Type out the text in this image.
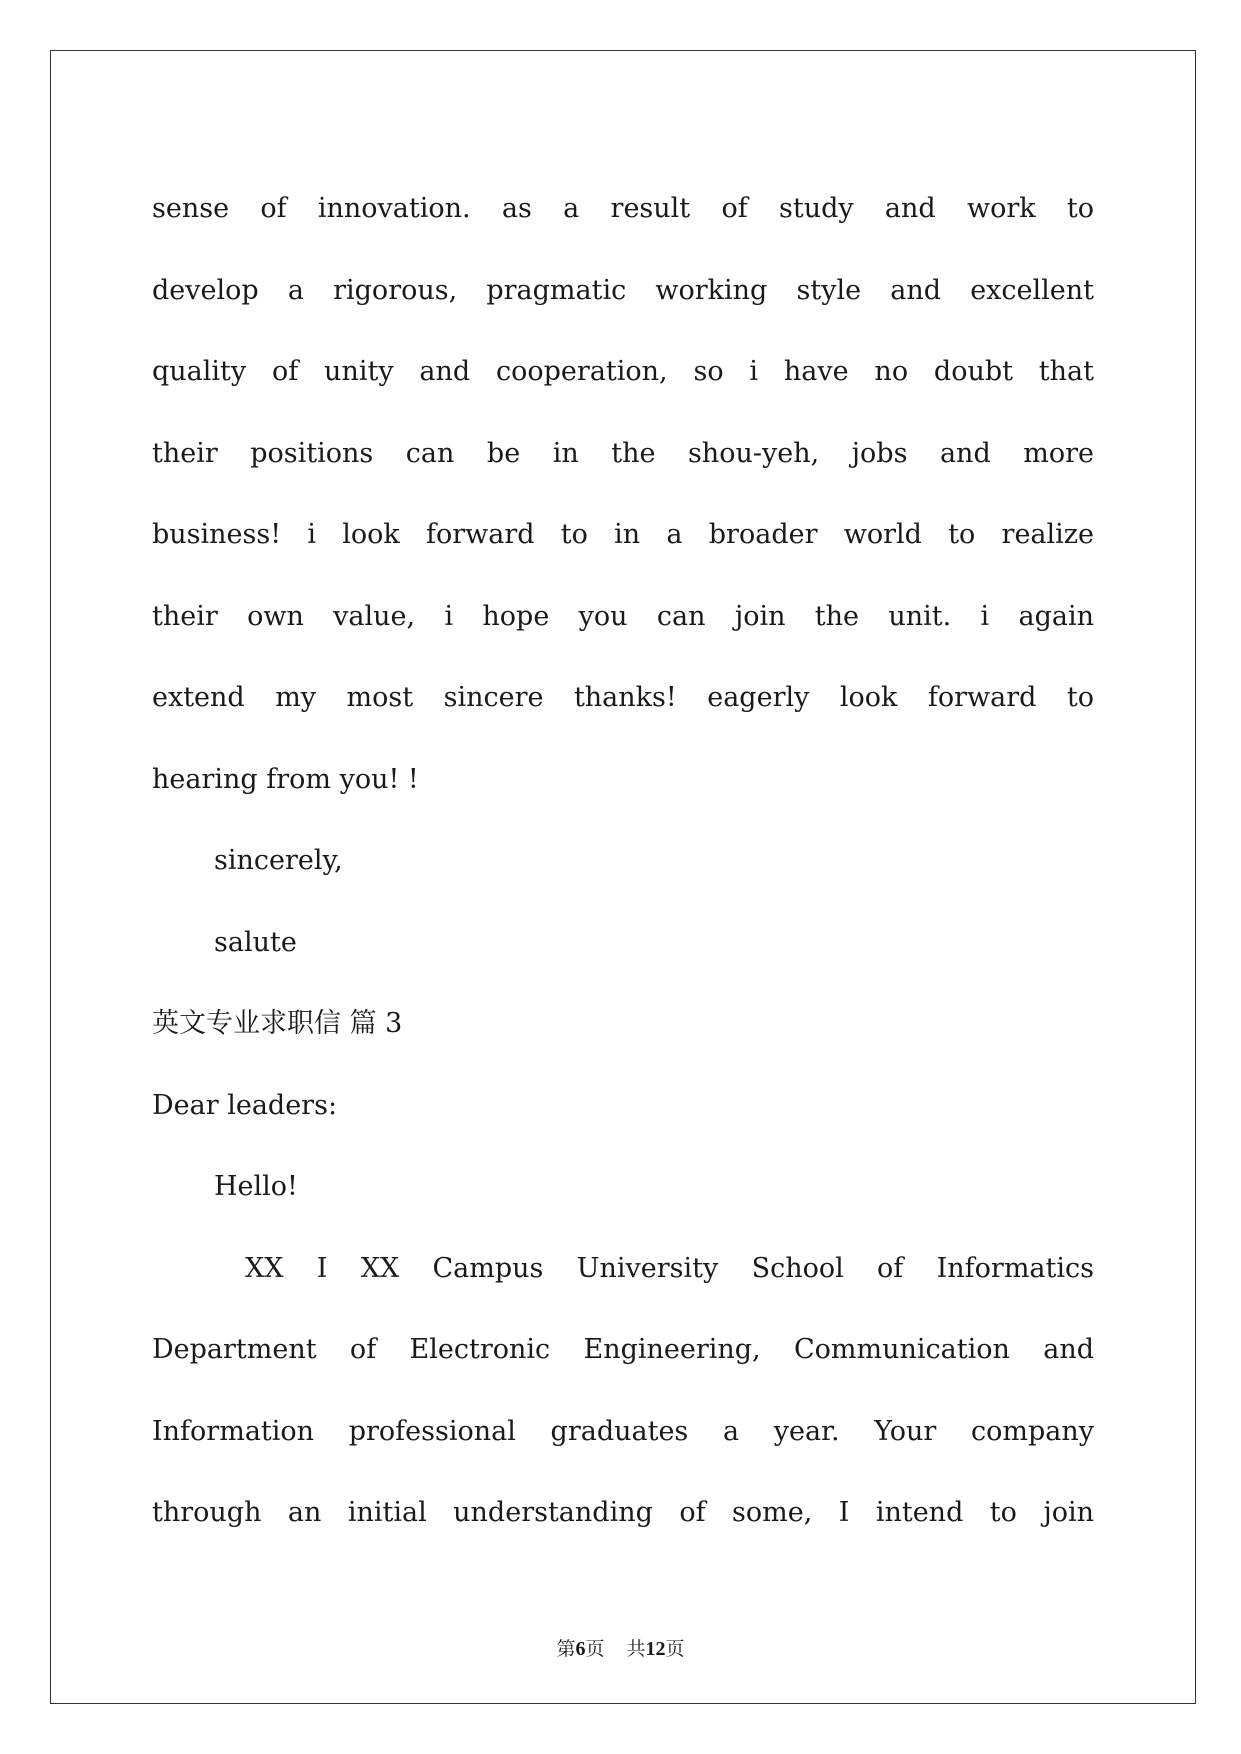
sense of innovation. as a result of study and work to
develop a rigorous, pragmatic working style and excellent
quality of unity and cooperation, so i have no doubt that
their positions can be in the shou-yeh, jobs and more
business! i look forward to in a broader world to realize
their own value, i hope you can join the unit. i again
extend my most sincere thanks! eagerly look forward to
hearing from you! !
sincerely,
salute
英文专业求职信 篇 3
Dear leaders:
Hello!
XX I XX Campus University School of Informatics
Department of Electronic Engineering, Communication and
Information professional graduates a year. Your company
through an initial understanding of some, I intend to join
第6页 共12页
